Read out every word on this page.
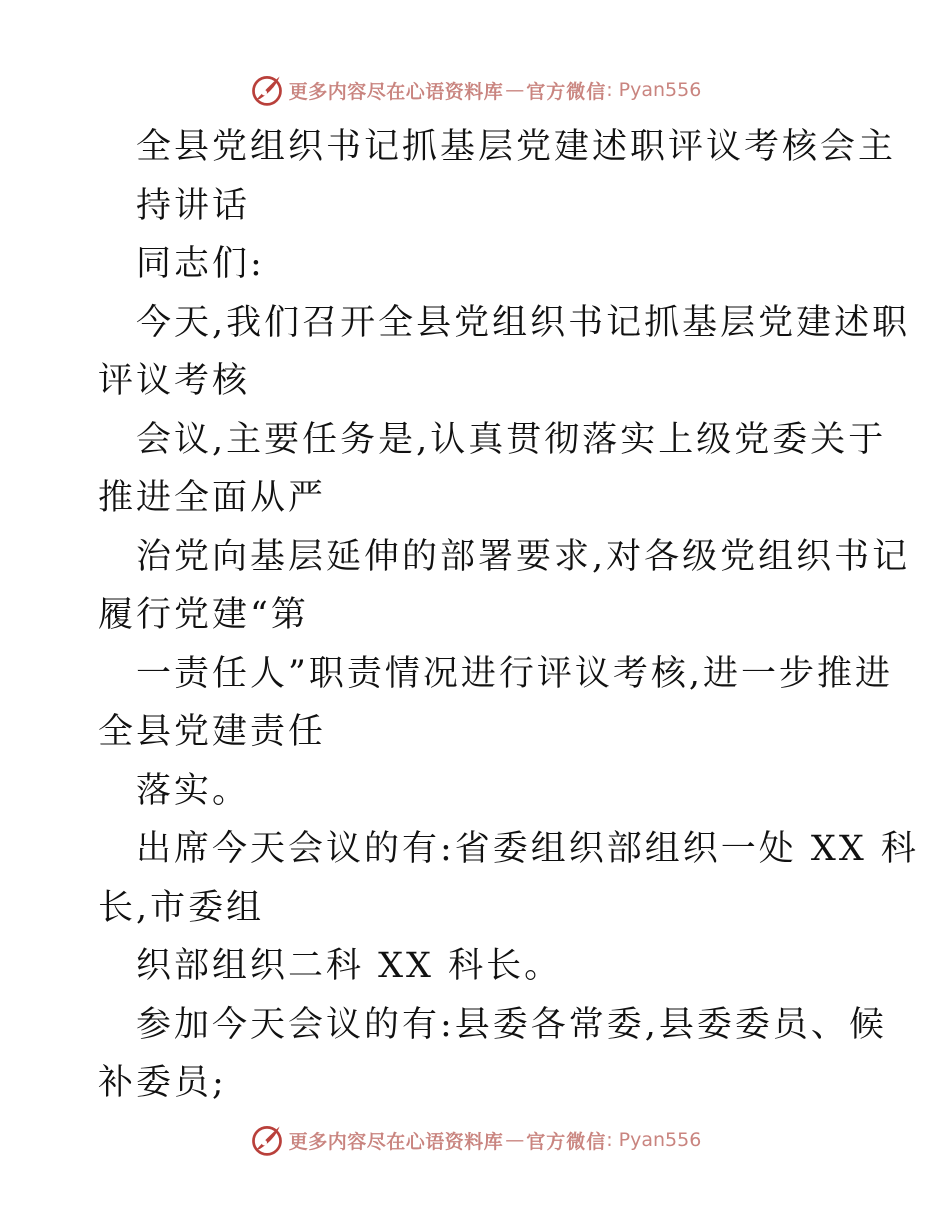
更多内容尽在心语资料库 — 官方微信 : Pyan556
全县党组织书记抓基层党建述职评议考核会主
持讲话
同志们:
今天,我们召开全县党组织书记抓基层党建述职
评议考核
会议,主要任务是,认真贯彻落实上级党委关于
推进全面从严
治党向基层延伸的部署要求,对各级党组织书记
履行党建“第
一责任人”职责情况进行评议考核,进一步推进
全县党建责任
落实。
出席今天会议的有:省委组织部组织一处 XX 科
长,市委组
织部组织二科 XX 科长。
参加今天会议的有:县委各常委,县委委员、候
补委员;
更多内容尽在心语资料库 — 官方微信 : Pyan556
